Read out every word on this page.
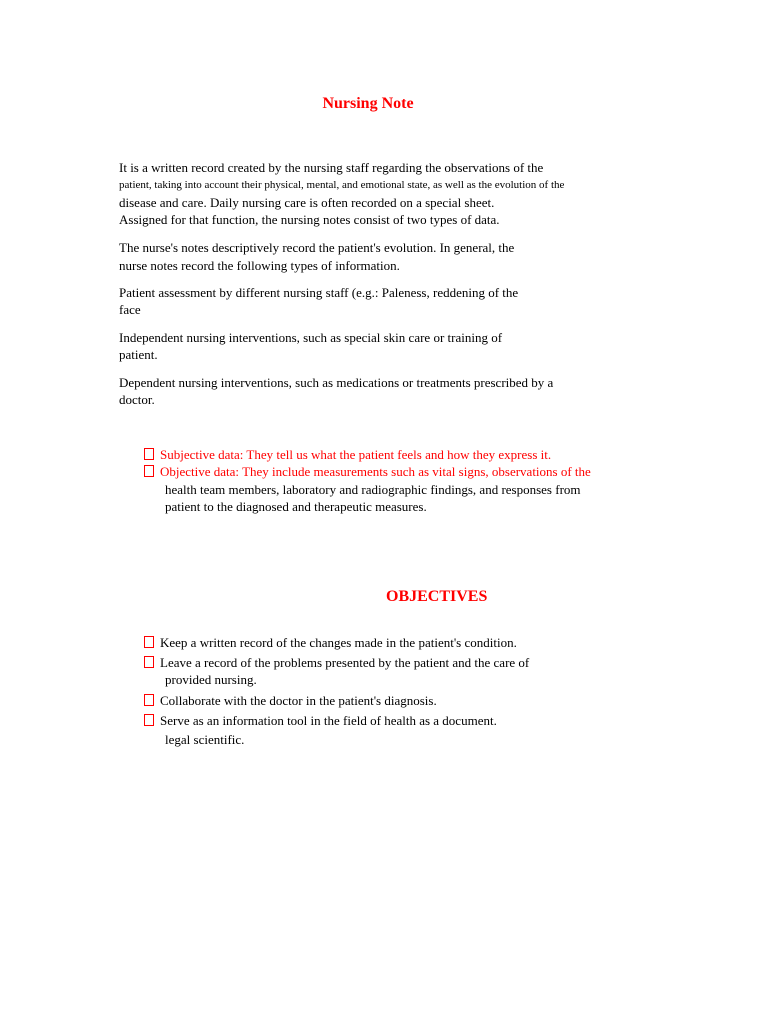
Nursing Note
It is a written record created by the nursing staff regarding the observations of the
patient, taking into account their physical, mental, and emotional state, as well as the evolution of the
disease and care. Daily nursing care is often recorded on a special sheet.
Assigned for that function, the nursing notes consist of two types of data.
The nurse's notes descriptively record the patient's evolution. In general, the
nurse notes record the following types of information.
Patient assessment by different nursing staff (e.g.: Paleness, reddening of the
face
Independent nursing interventions, such as special skin care or training of
patient.
Dependent nursing interventions, such as medications or treatments prescribed by a
doctor.
Subjective data: They tell us what the patient feels and how they express it.
Objective data: They include measurements such as vital signs, observations of the
health team members, laboratory and radiographic findings, and responses from
patient to the diagnosed and therapeutic measures.
OBJECTIVES
Keep a written record of the changes made in the patient's condition.
Leave a record of the problems presented by the patient and the care of
provided nursing.
Collaborate with the doctor in the patient's diagnosis.
Serve as an information tool in the field of health as a document.
legal scientific.
